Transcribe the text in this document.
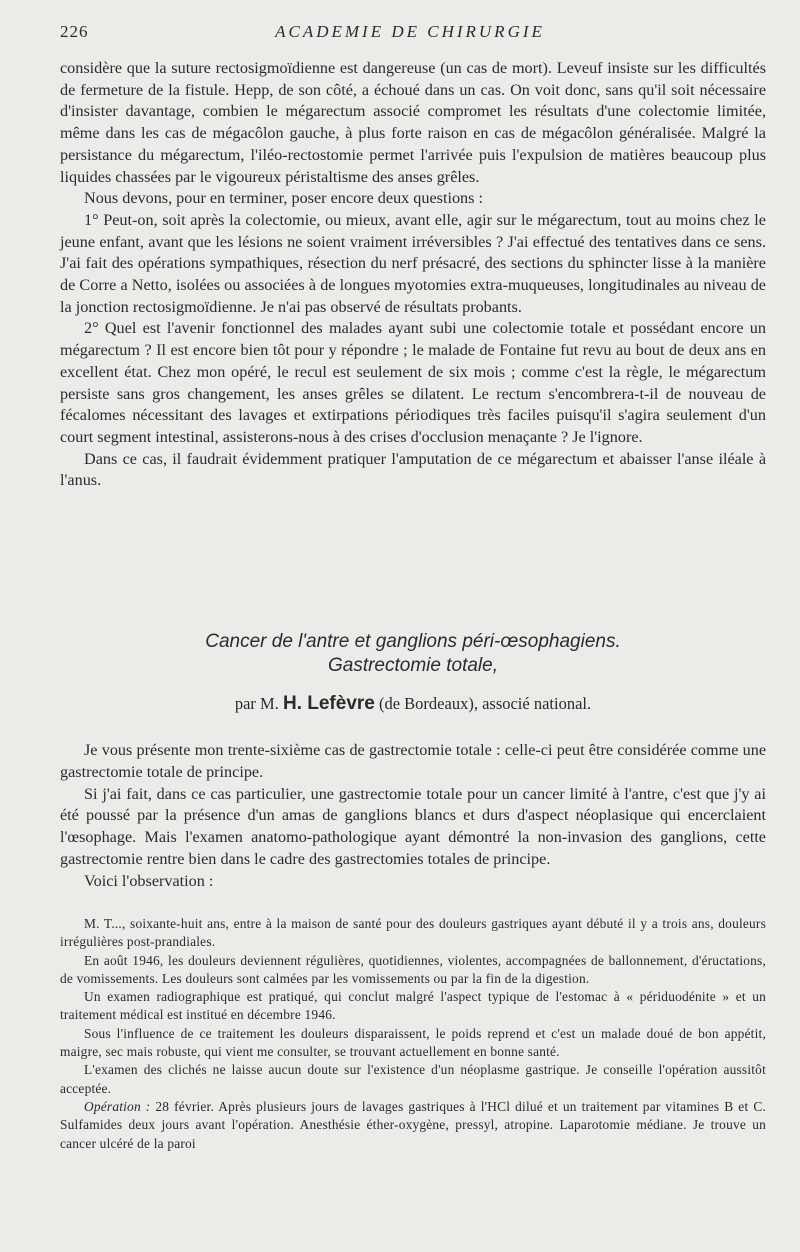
226	ACADEMIE DE CHIRURGIE

considère que la suture rectosigmoïdienne est dangereuse (un cas de mort). Leveuf insiste sur les difficultés de fermeture de la fistule. Hepp, de son côté, a échoué dans un cas. On voit donc, sans qu'il soit nécessaire d'insister davantage, combien le mégarectum associé compromet les résultats d'une colectomie limitée, même dans les cas de mégacôlon gauche, à plus forte raison en cas de mégacôlon généralisée. Malgré la persistance du mégarectum, l'iléo-rectostomie permet l'arrivée puis l'expulsion de matières beaucoup plus liquides chassées par le vigoureux péristaltisme des anses grêles.

Nous devons, pour en terminer, poser encore deux questions :

1° Peut-on, soit après la colectomie, ou mieux, avant elle, agir sur le mégarectum, tout au moins chez le jeune enfant, avant que les lésions ne soient vraiment irréversibles ? J'ai effectué des tentatives dans ce sens. J'ai fait des opérations sympathiques, résection du nerf présacré, des sections du sphincter lisse à la manière de Corre a Netto, isolées ou associées à de longues myotomies extra-muqueuses, longitudinales au niveau de la jonction rectosigmoïdienne. Je n'ai pas observé de résultats probants.

2° Quel est l'avenir fonctionnel des malades ayant subi une colectomie totale et possédant encore un mégarectum ? Il est encore bien tôt pour y répondre ; le malade de Fontaine fut revu au bout de deux ans en excellent état. Chez mon opéré, le recul est seulement de six mois ; comme c'est la règle, le mégarectum persiste sans gros changement, les anses grêles se dilatent. Le rectum s'encombrera-t-il de nouveau de fécalomes nécessitant des lavages et extirpations périodiques très faciles puisqu'il s'agira seulement d'un court segment intestinal, assisterons-nous à des crises d'occlusion menaçante ? Je l'ignore.

Dans ce cas, il faudrait évidemment pratiquer l'amputation de ce mégarectum et abaisser l'anse iléale à l'anus.

Cancer de l'antre et ganglions péri-œsophagiens.

Gastrectomie totale,

par M. H. Lefèvre (de Bordeaux), associé national.

Je vous présente mon trente-sixième cas de gastrectomie totale : celle-ci peut être considérée comme une gastrectomie totale de principe.

Si j'ai fait, dans ce cas particulier, une gastrectomie totale pour un cancer limité à l'antre, c'est que j'y ai été poussé par la présence d'un amas de ganglions blancs et durs d'aspect néoplasique qui encerclaient l'œsophage. Mais l'examen anatomo-pathologique ayant démontré la non-invasion des ganglions, cette gastrectomie rentre bien dans le cadre des gastrectomies totales de principe.

Voici l'observation :

M. T..., soixante-huit ans, entre à la maison de santé pour des douleurs gastriques ayant débuté il y a trois ans, douleurs irrégulières post-prandiales.

En août 1946, les douleurs deviennent régulières, quotidiennes, violentes, accompagnées de ballonnement, d'éructations, de vomissements. Les douleurs sont calmées par les vomissements ou par la fin de la digestion.

Un examen radiographique est pratiqué, qui conclut malgré l'aspect typique de l'estomac à « périduodénite » et un traitement médical est institué en décembre 1946.

Sous l'influence de ce traitement les douleurs disparaissent, le poids reprend et c'est un malade doué de bon appétit, maigre, sec mais robuste, qui vient me consulter, se trouvant actuellement en bonne santé.

L'examen des clichés ne laisse aucun doute sur l'existence d'un néoplasme gastrique. Je conseille l'opération aussitôt acceptée.

Opération : 28 février. Après plusieurs jours de lavages gastriques à l'HCl dilué et un traitement par vitamines B et C. Sulfamides deux jours avant l'opération. Anesthésie éther-oxygène, pressyl, atropine. Laparotomie médiane. Je trouve un cancer ulcéré de la paroi
